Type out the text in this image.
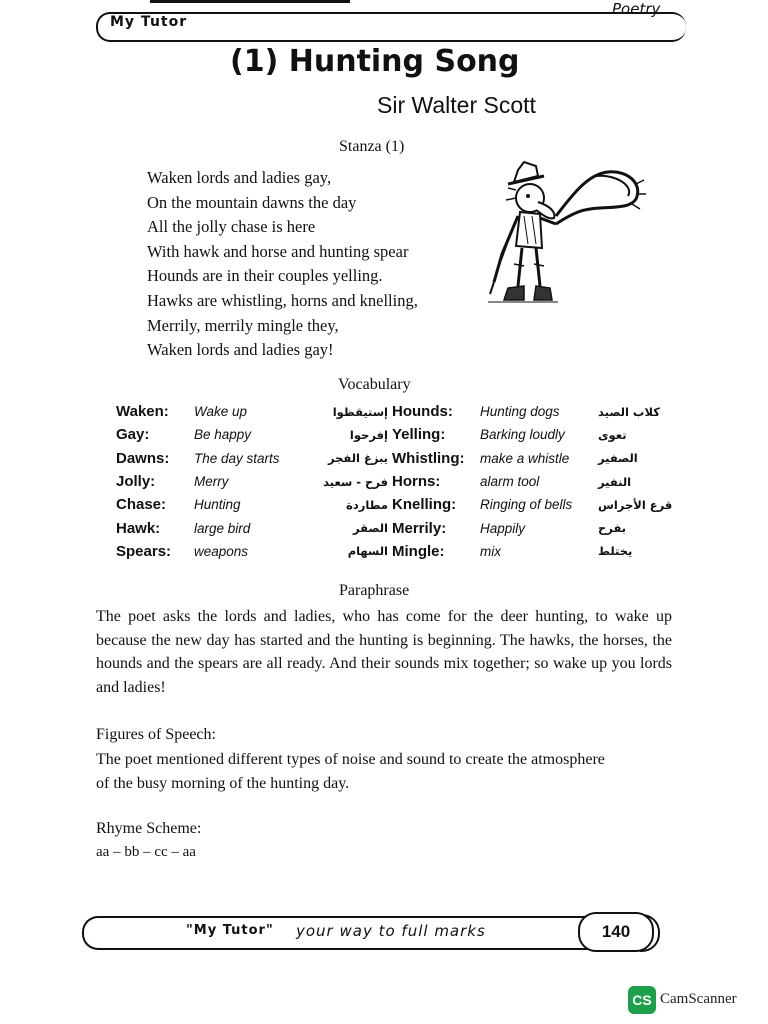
My Tutor
Poetry
(1) Hunting Song
Sir Walter Scott
Stanza (1)
Waken lords and ladies gay,
On the mountain dawns the day
All the jolly chase is here
With hawk and horse and hunting spear
Hounds are in their couples yelling.
Hawks are whistling, horns and knelling,
Merrily, merrily mingle they,
Waken lords and ladies gay!
Vocabulary
Waken:	Wake up	إستيقظوا	Hounds:	Hunting dogs	كلاب الصيد
Gay:	Be happy	إفرحوا	Yelling:	Barking loudly	تعوى
Dawns:	The day starts	يبزغ الفجر	Whistling:	make a whistle	الصفير
Jolly:	Merry	فرح - سعيد	Horns:	alarm tool	النفير
Chase:	Hunting	مطاردة	Knelling:	Ringing of bells	قرع الأجراس
Hawk:	large bird	الصقر	Merrily:	Happily	بفرح
Spears:	weapons	السهام	Mingle:	mix	يختلط
Paraphrase
The poet asks the lords and ladies, who has come for the deer hunting, to wake up because the new day has started and the hunting is beginning. The hawks, the horses, the hounds and the spears are all ready. And their sounds mix together; so wake up you lords and ladies!
Figures of Speech:
The poet mentioned different types of noise and sound to create the atmosphere of the busy morning of the hunting day.
Rhyme Scheme:
aa – bb – cc – aa
"My Tutor" your way to full marks	140
CS CamScanner
